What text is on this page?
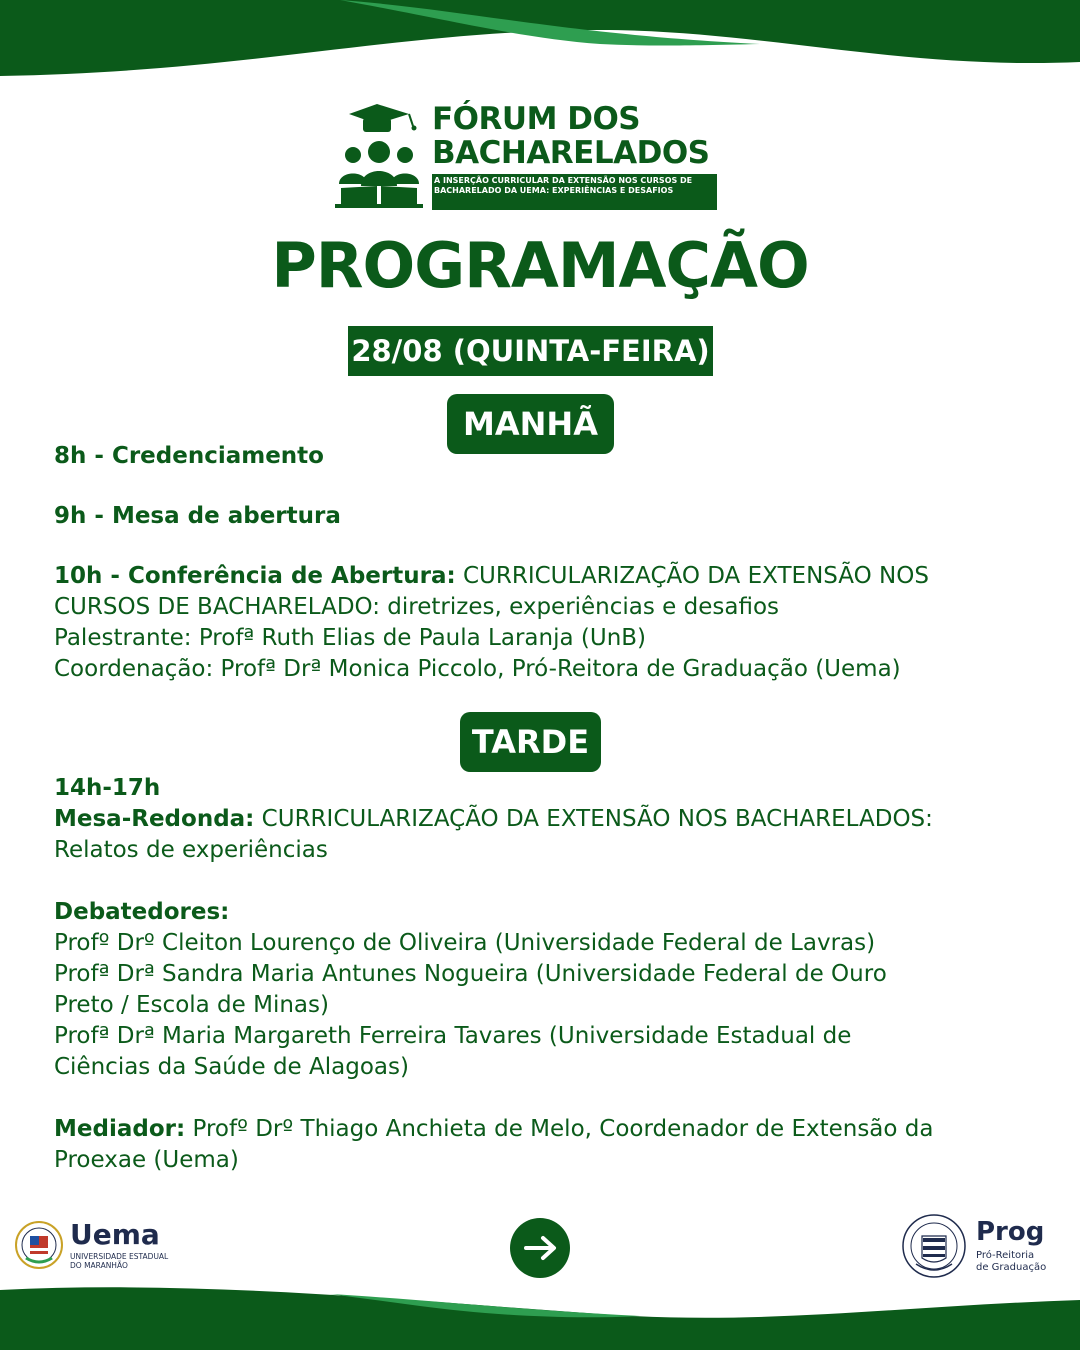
FÓRUM DOS
BACHARELADOS
A INSERÇÃO CURRICULAR DA EXTENSÃO NOS CURSOS DE BACHARELADO DA UEMA: EXPERIÊNCIAS E DESAFIOS
PROGRAMAÇÃO
28/08 (QUINTA-FEIRA)
MANHÃ
8h - Credenciamento
9h - Mesa de abertura
10h - Conferência de Abertura: CURRICULARIZAÇÃO DA EXTENSÃO NOS
CURSOS DE BACHARELADO: diretrizes, experiências e desafios
Palestrante: Profª Ruth Elias de Paula Laranja (UnB)
Coordenação: Profª Drª Monica Piccolo, Pró-Reitora de Graduação (Uema)
TARDE
14h-17h
Mesa-Redonda: CURRICULARIZAÇÃO DA EXTENSÃO NOS BACHARELADOS:
Relatos de experiências
Debatedores:
Profº Drº Cleiton Lourenço de Oliveira (Universidade Federal de Lavras)
Profª Drª Sandra Maria Antunes Nogueira (Universidade Federal de Ouro
Preto / Escola de Minas)
Profª Drª Maria Margareth Ferreira Tavares (Universidade Estadual de
Ciências da Saúde de Alagoas)
Mediador: Profº Drº Thiago Anchieta de Melo, Coordenador de Extensão da
Proexae (Uema)
Uema
UNIVERSIDADE ESTADUAL DO MARANHÃO
Prog
Pró-Reitoria
de Graduação
